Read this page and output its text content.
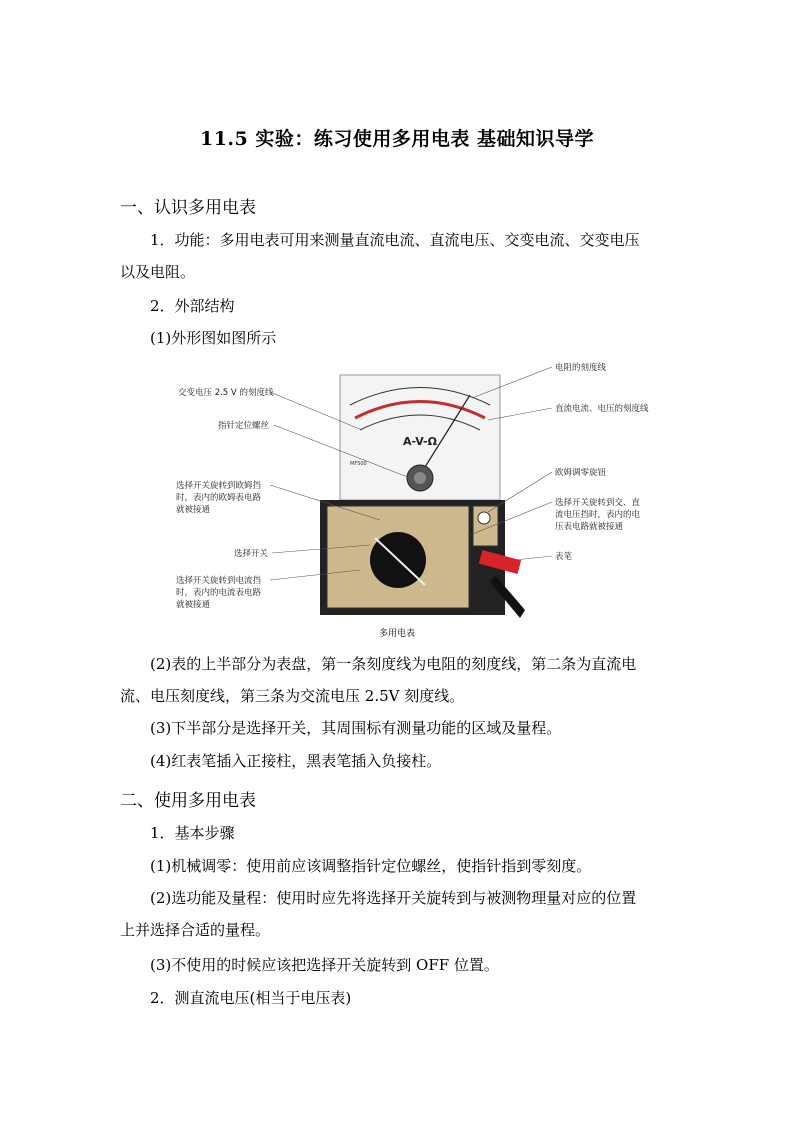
11.5 实验：练习使用多用电表 基础知识导学
一、认识多用电表
1．功能：多用电表可用来测量直流电流、直流电压、交变电流、交变电压
以及电阻。
2．外部结构
(1)外形图如图所示
A-V-Ω
MF500
交变电压 2.5 V 的刻度线
指针定位螺丝
选择开关旋转到欧姆挡
时，表内的欧姆表电路
就被接通
选择开关
选择开关旋转到电流挡
时，表内的电流表电路
就被接通
电阻的刻度线
直流电流、电压的刻度线
欧姆调零旋钮
选择开关旋转到交、直
流电压挡时，表内的电
压表电路就被接通
表笔
多用电表
(2)表的上半部分为表盘，第一条刻度线为电阻的刻度线，第二条为直流电
流、电压刻度线，第三条为交流电压 2.5V 刻度线。
(3)下半部分是选择开关，其周围标有测量功能的区域及量程。
(4)红表笔插入正接柱，黑表笔插入负接柱。
二、使用多用电表
1．基本步骤
(1)机械调零：使用前应该调整指针定位螺丝，使指针指到零刻度。
(2)选功能及量程：使用时应先将选择开关旋转到与被测物理量对应的位置
上并选择合适的量程。
(3)不使用的时候应该把选择开关旋转到 OFF 位置。
2．测直流电压(相当于电压表)
